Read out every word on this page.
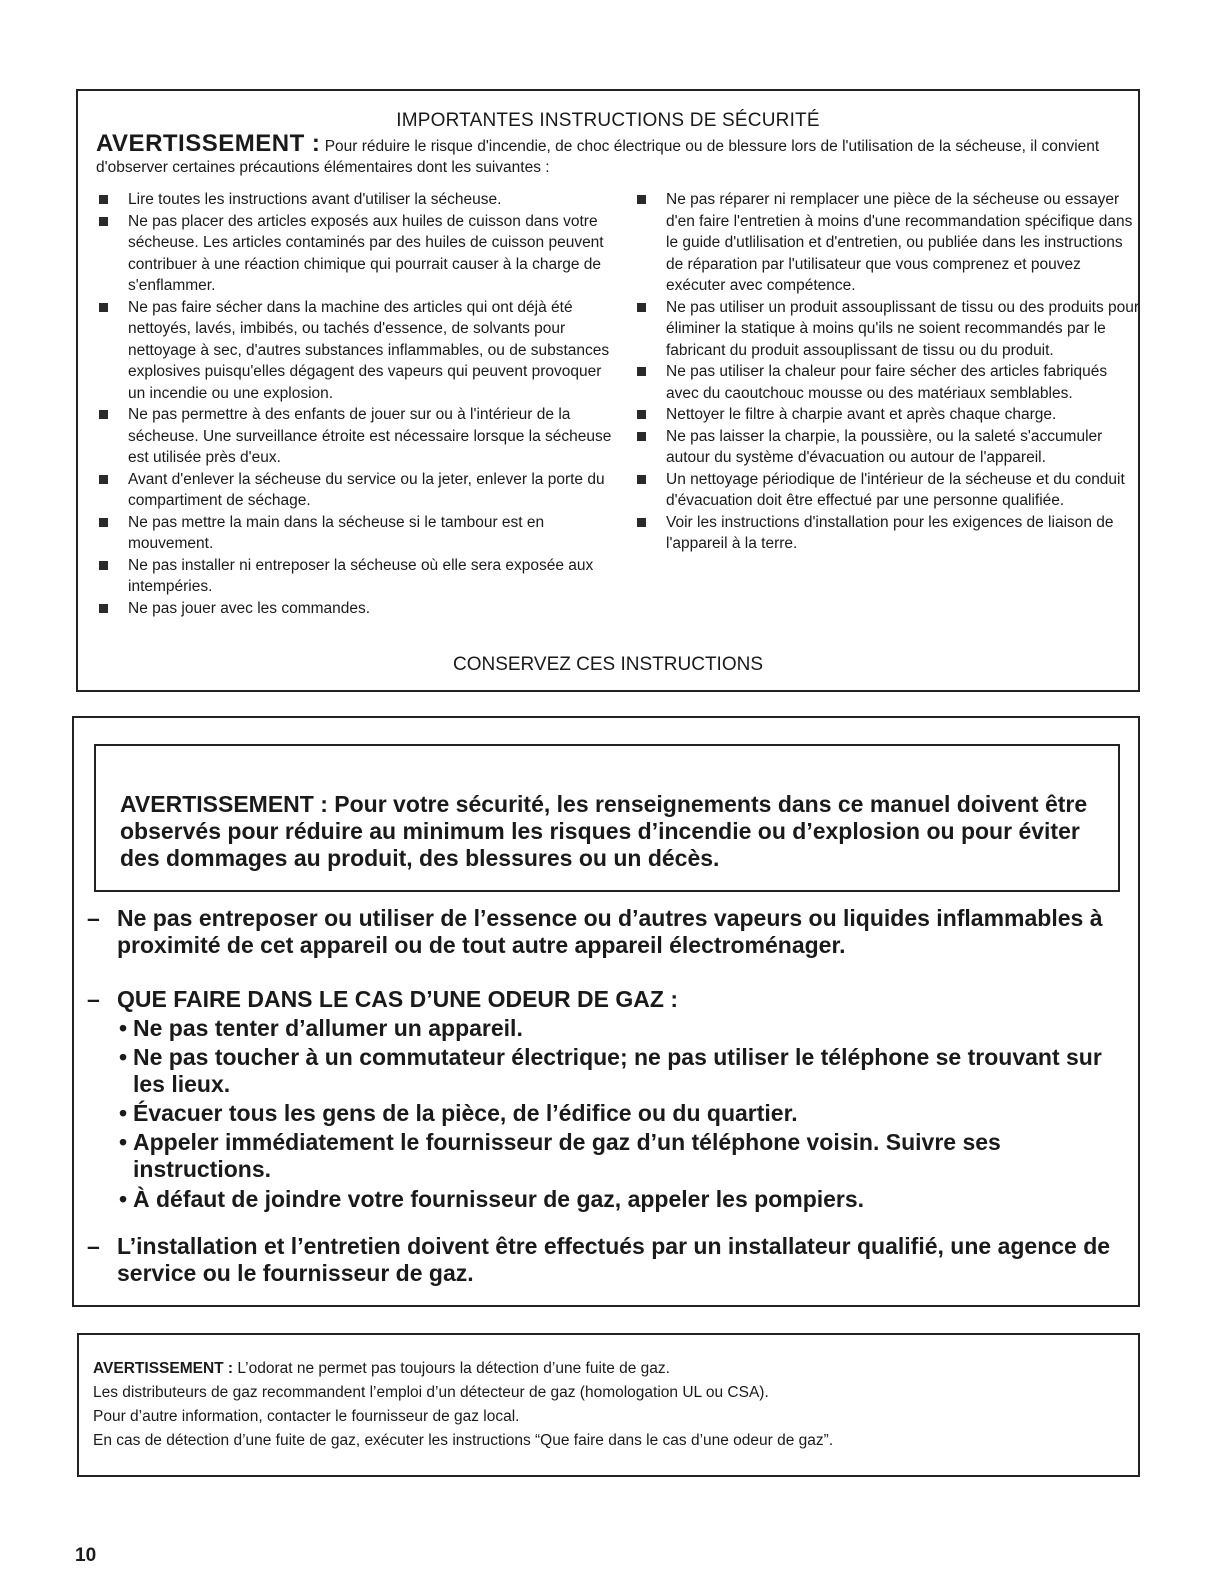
IMPORTANTES INSTRUCTIONS DE SÉCURITÉ
AVERTISSEMENT : Pour réduire le risque d'incendie, de choc électrique ou de blessure lors de l'utilisation de la sécheuse, il convient d'observer certaines précautions élémentaires dont les suivantes :
Lire toutes les instructions avant d'utiliser la sécheuse.
Ne pas placer des articles exposés aux huiles de cuisson dans votre sécheuse. Les articles contaminés par des huiles de cuisson peuvent contribuer à une réaction chimique qui pourrait causer à la charge de s'enflammer.
Ne pas faire sécher dans la machine des articles qui ont déjà été nettoyés, lavés, imbibés, ou tachés d'essence, de solvants pour nettoyage à sec, d'autres substances inflammables, ou de substances explosives puisqu'elles dégagent des vapeurs qui peuvent provoquer un incendie ou une explosion.
Ne pas permettre à des enfants de jouer sur ou à l'intérieur de la sécheuse. Une surveillance étroite est nécessaire lorsque la sécheuse est utilisée près d'eux.
Avant d'enlever la sécheuse du service ou la jeter, enlever la porte du compartiment de séchage.
Ne pas mettre la main dans la sécheuse si le tambour est en mouvement.
Ne pas installer ni entreposer la sécheuse où elle sera exposée aux intempéries.
Ne pas jouer avec les commandes.
Ne pas réparer ni remplacer une pièce de la sécheuse ou essayer d'en faire l'entretien à moins d'une recommandation spécifique dans le guide d'utlilisation et d'entretien, ou publiée dans les instructions de réparation par l'utilisateur que vous comprenez et pouvez exécuter avec compétence.
Ne pas utiliser un produit assouplissant de tissu ou des produits pour éliminer la statique à moins qu'ils ne soient recommandés par le fabricant du produit assouplissant de tissu ou du produit.
Ne pas utiliser la chaleur pour faire sécher des articles fabriqués avec du caoutchouc mousse ou des matériaux semblables.
Nettoyer le filtre à charpie avant et après chaque charge.
Ne pas laisser la charpie, la poussière, ou la saleté s'accumuler autour du système d'évacuation ou autour de l'appareil.
Un nettoyage périodique de l'intérieur de la sécheuse et du conduit d'évacuation doit être effectué par une personne qualifiée.
Voir les instructions d'installation pour les exigences de liaison de l'appareil à la terre.
CONSERVEZ CES INSTRUCTIONS
AVERTISSEMENT : Pour votre sécurité, les renseignements dans ce manuel doivent être observés pour réduire au minimum les risques d’incendie ou d’explosion ou pour éviter des dommages au produit, des blessures ou un décès.
– Ne pas entreposer ou utiliser de l’essence ou d’autres vapeurs ou liquides inflammables à proximité de cet appareil ou de tout autre appareil électroménager.
– QUE FAIRE DANS LE CAS D’UNE ODEUR DE GAZ :
• Ne pas tenter d’allumer un appareil.
• Ne pas toucher à un commutateur électrique; ne pas utiliser le téléphone se trouvant sur les lieux.
• Évacuer tous les gens de la pièce, de l’édifice ou du quartier.
• Appeler immédiatement le fournisseur de gaz d’un téléphone voisin. Suivre ses instructions.
• À défaut de joindre votre fournisseur de gaz, appeler les pompiers.
– L’installation et l’entretien doivent être effectués par un installateur qualifié, une agence de service ou le fournisseur de gaz.
AVERTISSEMENT : L’odorat ne permet pas toujours la détection d’une fuite de gaz.
Les distributeurs de gaz recommandent l’emploi d’un détecteur de gaz (homologation UL ou CSA).
Pour d’autre information, contacter le fournisseur de gaz local.
En cas de détection d’une fuite de gaz, exécuter les instructions “Que faire dans le cas d’une odeur de gaz”.
10
